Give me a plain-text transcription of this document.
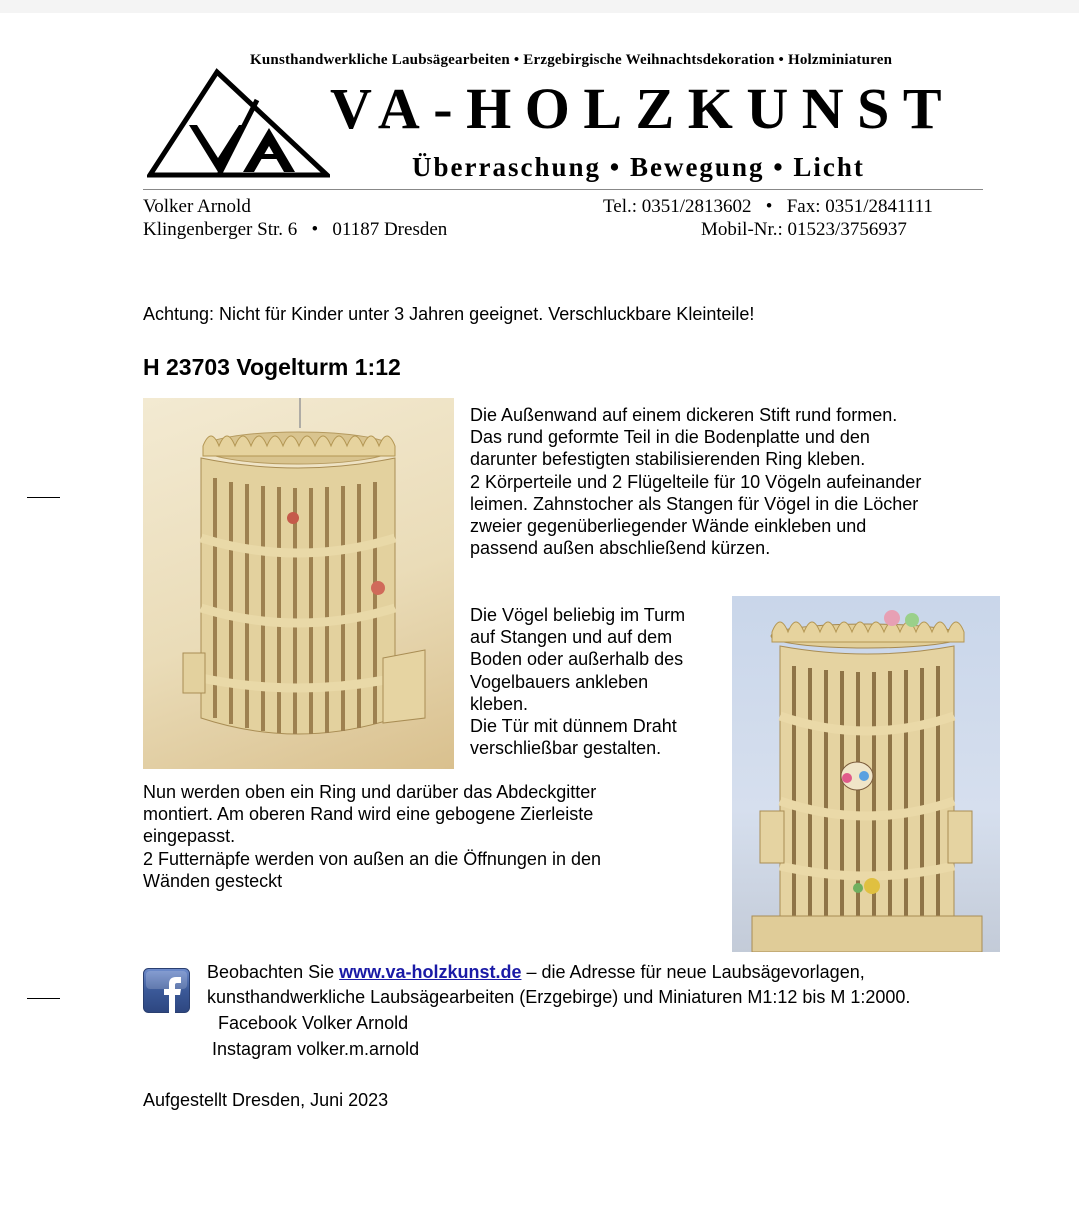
Kunsthandwerkliche Laubsägearbeiten • Erzgebirgische Weihnachtsdekoration • Holzminiaturen
VA-HOLZKUNST
Überraschung • Bewegung • Licht
Volker Arnold
Klingenberger Str. 6   •   01187 Dresden
Tel.: 0351/2813602   •   Fax: 0351/2841111
Mobil-Nr.: 01523/3756937
Achtung: Nicht für Kinder unter 3 Jahren geeignet. Verschluckbare Kleinteile!
H 23703 Vogelturm 1:12
Die Außenwand auf einem dickeren Stift rund formen.
Das rund geformte Teil in die Bodenplatte und den
darunter befestigten stabilisierenden Ring kleben.
2 Körperteile und 2 Flügelteile für 10 Vögeln aufeinander
leimen. Zahnstocher als Stangen für Vögel in die Löcher
zweier gegenüberliegender Wände einkleben und
passend außen abschließend kürzen.
Die Vögel beliebig im Turm
auf Stangen und auf dem
Boden oder außerhalb des
Vogelbauers ankleben
kleben.
Die Tür mit dünnem Draht
verschließbar gestalten.
Nun werden oben ein Ring und darüber das Abdeckgitter
montiert. Am oberen Rand wird eine gebogene Zierleiste
eingepasst.
2 Futternäpfe werden von außen an die Öffnungen in den
Wänden gesteckt
Beobachten Sie www.va-holzkunst.de – die Adresse für neue Laubsägevorlagen,
kunsthandwerkliche Laubsägearbeiten (Erzgebirge) und Miniaturen M1:12 bis M 1:2000.
Facebook Volker Arnold
Instagram volker.m.arnold
Aufgestellt Dresden, Juni 2023
